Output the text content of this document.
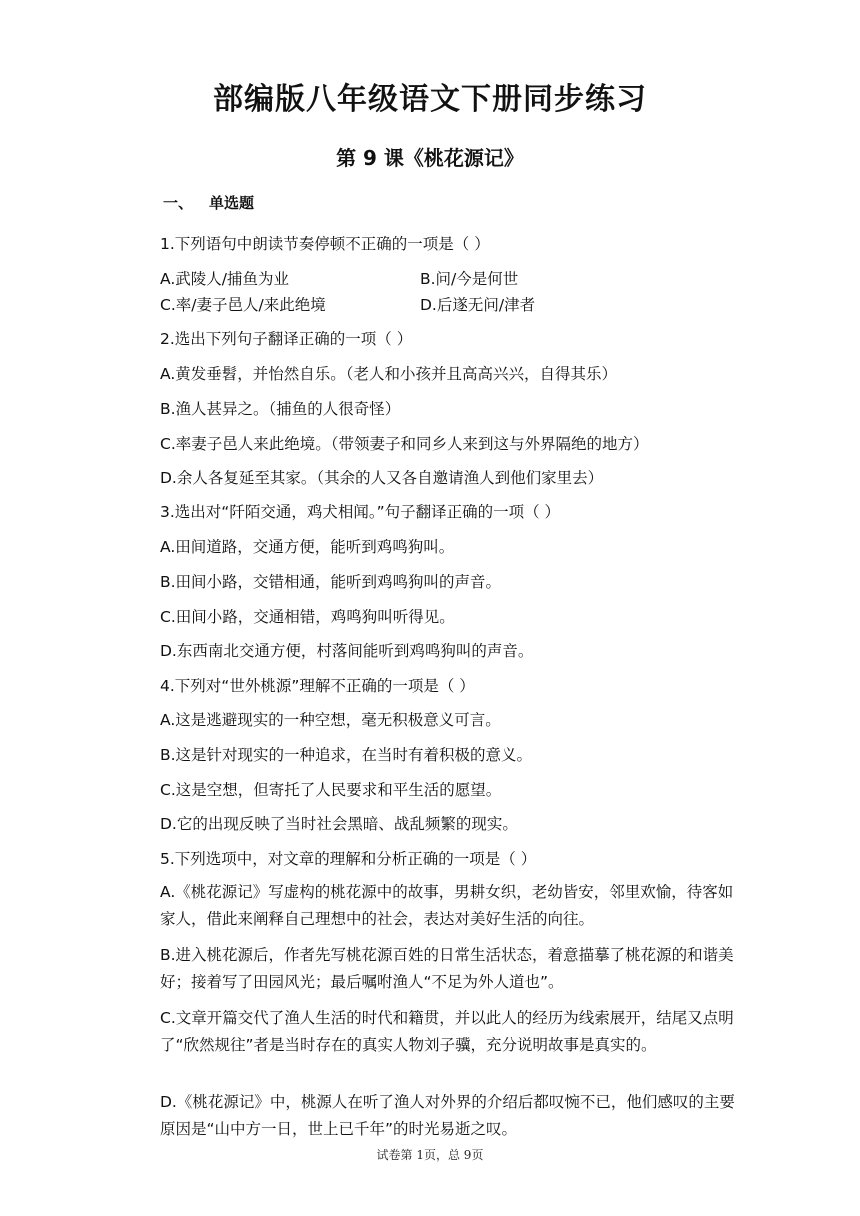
部编版八年级语文下册同步练习
第 9 课《桃花源记》
一、 单选题
1.下列语句中朗读节奏停顿不正确的一项是（ ）
A.武陵人/捕鱼为业	B.问/今是何世
C.率/妻子邑人/来此绝境	D.后遂无问/津者
2.选出下列句子翻译正确的一项（ ）
A.黄发垂髫，并怡然自乐。（老人和小孩并且高高兴兴，自得其乐）
B.渔人甚异之。（捕鱼的人很奇怪）
C.率妻子邑人来此绝境。（带领妻子和同乡人来到这与外界隔绝的地方）
D.余人各复延至其家。（其余的人又各自邀请渔人到他们家里去）
3.选出对“阡陌交通，鸡犬相闻。”句子翻译正确的一项（ ）
A.田间道路，交通方便，能听到鸡鸣狗叫。
B.田间小路，交错相通，能听到鸡鸣狗叫的声音。
C.田间小路，交通相错，鸡鸣狗叫听得见。
D.东西南北交通方便，村落间能听到鸡鸣狗叫的声音。
4.下列对“世外桃源”理解不正确的一项是（ ）
A.这是逃避现实的一种空想，毫无积极意义可言。
B.这是针对现实的一种追求，在当时有着积极的意义。
C.这是空想，但寄托了人民要求和平生活的愿望。
D.它的出现反映了当时社会黑暗、战乱频繁的现实。
5.下列选项中，对文章的理解和分析正确的一项是（ ）
A.《桃花源记》写虚构的桃花源中的故事，男耕女织，老幼皆安，邻里欢愉，待客如家人，借此来阐释自己理想中的社会，表达对美好生活的向往。
B.进入桃花源后，作者先写桃花源百姓的日常生活状态，着意描摹了桃花源的和谐美好；接着写了田园风光；最后嘱咐渔人“不足为外人道也”。
C.文章开篇交代了渔人生活的时代和籍贯，并以此人的经历为线索展开，结尾又点明了“欣然规往”者是当时存在的真实人物刘子骥，充分说明故事是真实的。
D.《桃花源记》中，桃源人在听了渔人对外界的介绍后都叹惋不已，他们感叹的主要原因是“山中方一日，世上已千年”的时光易逝之叹。
试卷第 1页，总 9页
